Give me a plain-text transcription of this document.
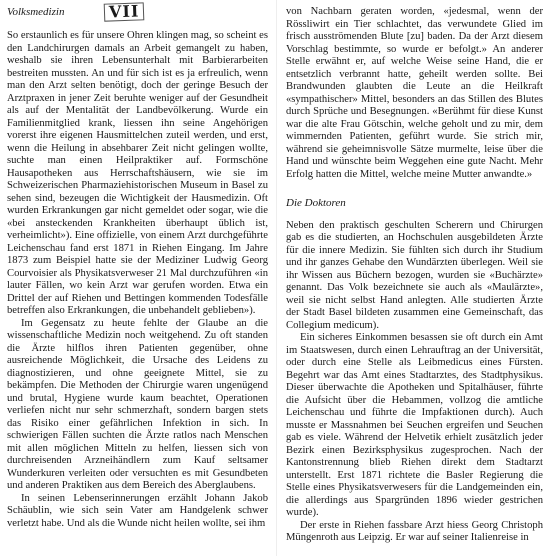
Volksmedizin	VII

So erstaunlich es für unsere Ohren klingen mag, so scheint es den Landchirurgen damals an Arbeit gemangelt zu haben, weshalb sie ihren Lebensunterhalt mit Barbierarbeiten bestreiten mussten. An und für sich ist es ja erfreulich, wenn man den Arzt selten benötigt, doch der geringe Besuch der Arztpraxen in jener Zeit beruhte weniger auf der Gesundheit als auf der Mentalität der Landbevölkerung. Wurde ein Familienmitglied krank, liessen ihn seine Angehörigen vorerst ihre eigenen Hausmittelchen zuteil werden, und erst, wenn die Heilung in absehbarer Zeit nicht gelingen wollte, suchte man einen Heilpraktiker auf. Formschöne Hausapotheken aus Herrschaftshäusern, wie sie im Schweizerischen Pharmaziehistorischen Museum in Basel zu sehen sind, bezeugen die Wichtigkeit der Hausmedizin. Oft wurden Erkrankungen gar nicht gemeldet oder sogar, wie die «bei ansteckenden Krankheiten überhaupt üblich ist, verheimlicht»). Eine offizielle, von einem Arzt durchgeführte Leichenschau fand erst 1871 in Riehen Eingang. Im Jahre 1873 zum Beispiel hatte sie der Mediziner Ludwig Georg Courvoisier als Physikatsverweser 21 Mal durchzuführen «in lauter Fällen, wo kein Arzt war gerufen worden. Etwa ein Drittel der auf Riehen und Bettingen kommenden Todesfälle betreffen also Erkrankungen, die unbehandelt geblieben»).

Im Gegensatz zu heute fehlte der Glaube an die wissenschaftliche Medizin noch weitgehend. Zu oft standen die Ärzte hilflos ihren Patienten gegenüber, ohne ausreichende Möglichkeit, die Ursache des Leidens zu diagnostizieren, und ohne geeignete Mittel, sie zu bekämpfen. Die Methoden der Chirurgie waren ungenügend und brutal, Hygiene wurde kaum beachtet, Operationen verliefen nicht nur sehr schmerzhaft, sondern bargen stets das Risiko einer gefährlichen Infektion in sich. In schwierigen Fällen suchten die Ärzte ratlos nach Menschen mit allen möglichen Mitteln zu helfen, liessen sich von durchreisenden Arzneihändlern zum Kauf seltsamer Wunderkuren verleiten oder versuchten es mit Gesundbeten und anderen Praktiken aus dem Bereich des Aberglaubens.

In seinen Lebenserinnerungen erzählt Johann Jakob Schäublin, wie sich sein Vater am Handgelenk schwer verletzt habe. Und als die Wunde nicht heilen wollte, sei ihm

von Nachbarn geraten worden, «jedesmal, wenn der Rössliwirt ein Tier schlachtet, das verwundete Glied im frisch ausströmenden Blute [zu] baden. Da der Arzt diesem Vorschlag bestimmte, so wurde er befolgt.» An anderer Stelle erwähnt er, auf welche Weise seine Hand, die er entsetzlich verbrannt hatte, geheilt werden sollte. Bei Brandwunden glaubten die Leute an die Heilkraft «sympathischer» Mittel, besonders an das Stillen des Blutes durch Sprüche und Besegnungen. «Berühmt für diese Kunst war die alte Frau Götschin, welche geholt und zu mir, dem wimmernden Patienten, geführt wurde. Sie strich mir, während sie geheimnisvolle Sätze murmelte, leise über die Hand und wünschte beim Weggehen eine gute Nacht. Mehr Erfolg hatten die Mittel, welche meine Mutter anwandte.»

Die Doktoren

Neben den praktisch geschulten Scherern und Chirurgen gab es die studierten, an Hochschulen ausgebildeten Ärzte für die innere Medizin. Sie fühlten sich durch ihr Studium und ihr ganzes Gehabe den Wundärzten überlegen. Weil sie ihr Wissen aus Büchern bezogen, wurden sie «Buchärzte» genannt. Das Volk bezeichnete sie auch als «Maulärzte», weil sie nicht selbst Hand anlegten. Alle studierten Ärzte der Stadt Basel bildeten zusammen eine Gemeinschaft, das Collegium medicum).

Ein sicheres Einkommen besassen sie oft durch ein Amt im Staatswesen, durch einen Lehrauftrag an der Universität, oder durch eine Stelle als Leibmedicus eines Fürsten. Begehrt war das Amt eines Stadtarztes, des Stadtphysikus. Dieser überwachte die Apotheken und Spitalhäuser, führte die Aufsicht über die Hebammen, vollzog die amtliche Leichenschau und führte die Impfaktionen durch). Auch musste er Massnahmen bei Seuchen ergreifen und Seuchen gab es viele. Während der Helvetik erhielt zusätzlich jeder Bezirk einen Bezirksphysikus zugesprochen. Nach der Kantonstrennung blieb Riehen direkt dem Stadtarzt unterstellt. Erst 1871 richtete die Basler Regierung die Stelle eines Physikatsverwesers für die Landgemeinden ein, die allerdings aus Spargründen 1896 wieder gestrichen wurde).

Der erste in Riehen fassbare Arzt hiess Georg Christoph Müngenroth aus Leipzig. Er war auf seiner Italienreise in
